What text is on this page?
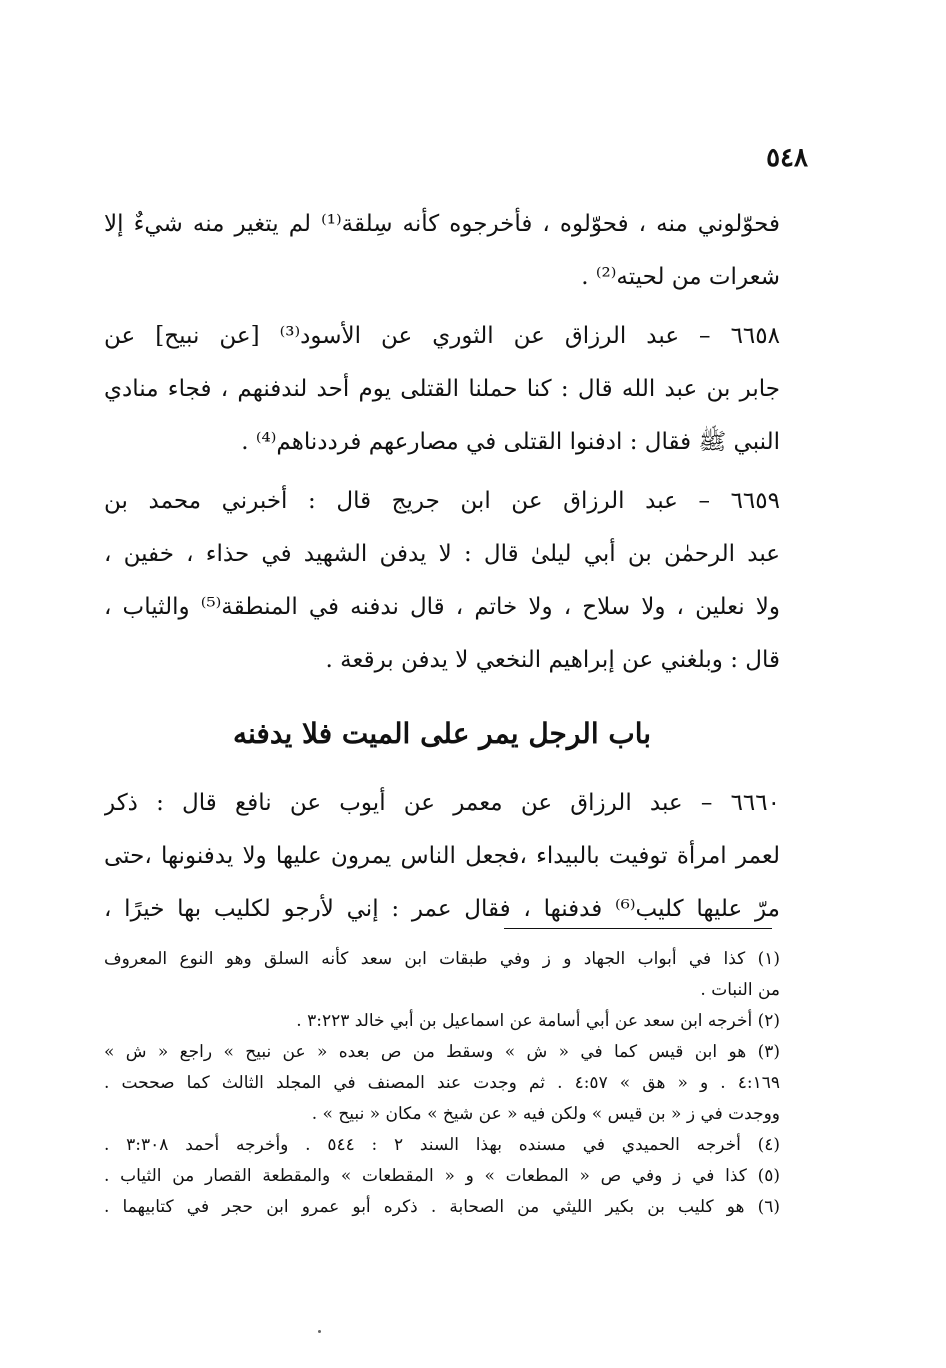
٥٤٨
فحوّلوني منه ، فحوّلوه ، فأخرجوه كأنه سِلقة⁽¹⁾ لم يتغير منه شيءٌ إلا
شعرات من لحيته⁽²⁾ .
٦٦٥٨ – عبد الرزاق عن الثوري عن الأسود⁽³⁾ [عن نبيح] عن
جابر بن عبد الله قال : كنا حملنا القتلى يوم أحد لندفنهم ، فجاء منادي
النبي ﷺ فقال : ادفنوا القتلى في مصارعهم فرددناهم⁽⁴⁾ .
٦٦٥٩ – عبد الرزاق عن ابن جريج قال : أخبرني محمد بن
عبد الرحمٰن بن أبي ليلىٰ قال : لا يدفن الشهيد في حذاء ، خفين ،
ولا نعلين ، ولا سلاح ، ولا خاتم ، قال ندفنه في المنطقة⁽⁵⁾ والثياب ،
قال : وبلغني عن إبراهيم النخعي لا يدفن برقعة .
باب الرجل يمر على الميت فلا يدفنه
٦٦٦٠ – عبد الرزاق عن معمر عن أيوب عن نافع قال : ذكر
لعمر امرأة توفيت بالبيداء ،فجعل الناس يمرون عليها ولا يدفنونها ،حتى
مرّ عليها كليب⁽⁶⁾ فدفنها ، فقال عمر : إني لأرجو لكليب بها خيرًا ،
(١) كذا في أبواب الجهاد و ز وفي طبقات ابن سعد كأنه السلق وهو النوع المعروف
من النبات .
(٢) أخرجه ابن سعد عن أبي أسامة عن اسماعيل بن أبي خالد ٣:٢٢٣ .
(٣) هو ابن قيس كما في « ش » وسقط من ص بعده « عن نبيح » راجع « ش »
٤:١٦٩ . و « هق » ٤:٥٧ . ثم وجدت عند المصنف في المجلد الثالث كما صححت .
ووجدت في ز « بن قيس » ولكن فيه « عن شيخ » مكان « نبيح » .
(٤) أخرجه الحميدي في مسنده بهذا السند ٢ : ٥٤٤ . وأخرجه أحمد ٣:٣٠٨ .
(٥) كذا في ز وفي ص « المطعات » و « المقطعات » والمقطعة القصار من الثياب .
(٦) هو كليب بن بكير الليثي من الصحابة . ذكره أبو عمرو ابن حجر في كتابيهما .
